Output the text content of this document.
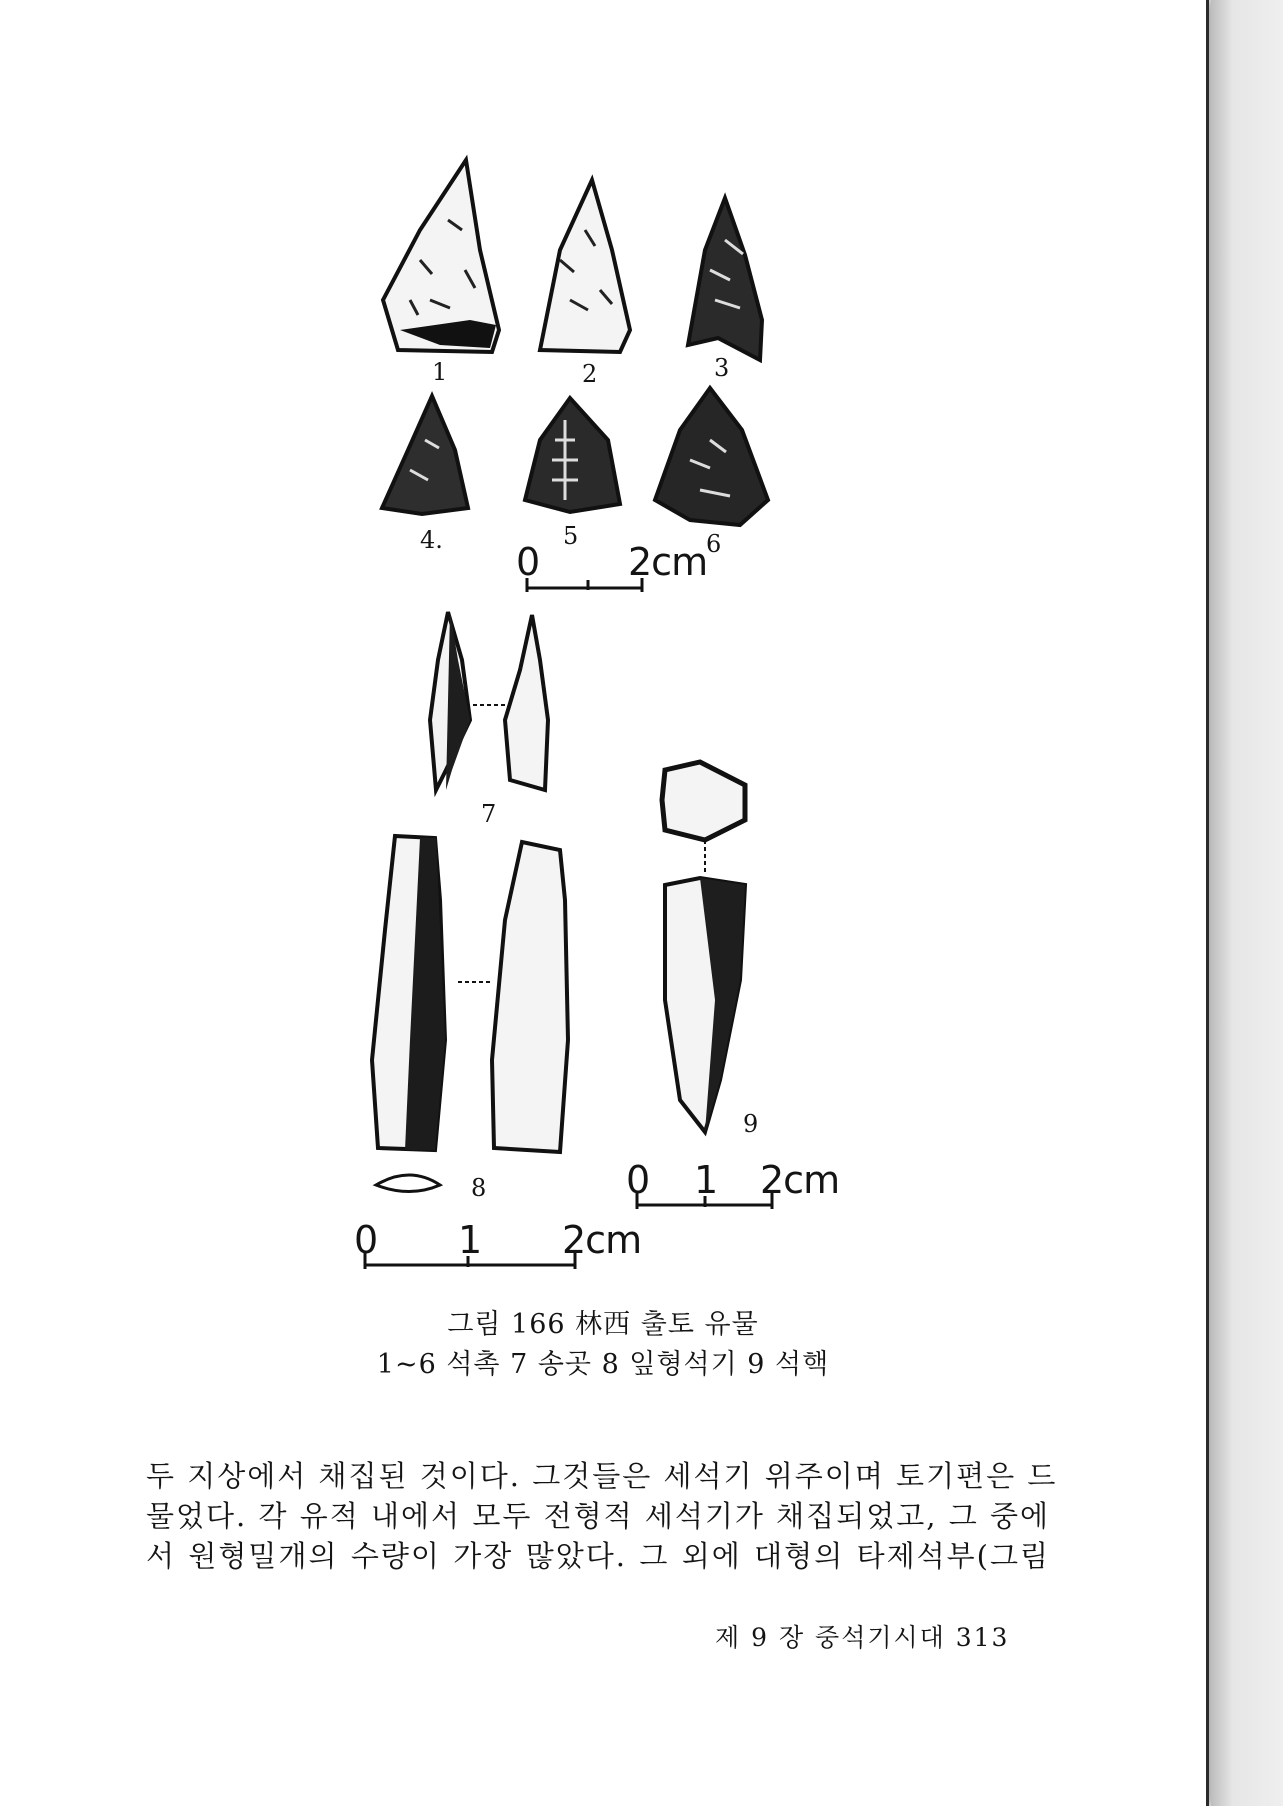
1	2	3
4.	5	6
7
8
9
0 2cm
0 1 2cm
0 1 2cm
그림 166 林西 출토 유물
1~6 석촉 7 송곳 8 잎형석기 9 석핵
두 지상에서 채집된 것이다. 그것들은 세석기 위주이며 토기편은 드
물었다. 각 유적 내에서 모두 전형적 세석기가 채집되었고, 그 중에
서 원형밀개의 수량이 가장 많았다. 그 외에 대형의 타제석부(그림
제 9 장 중석기시대 313
